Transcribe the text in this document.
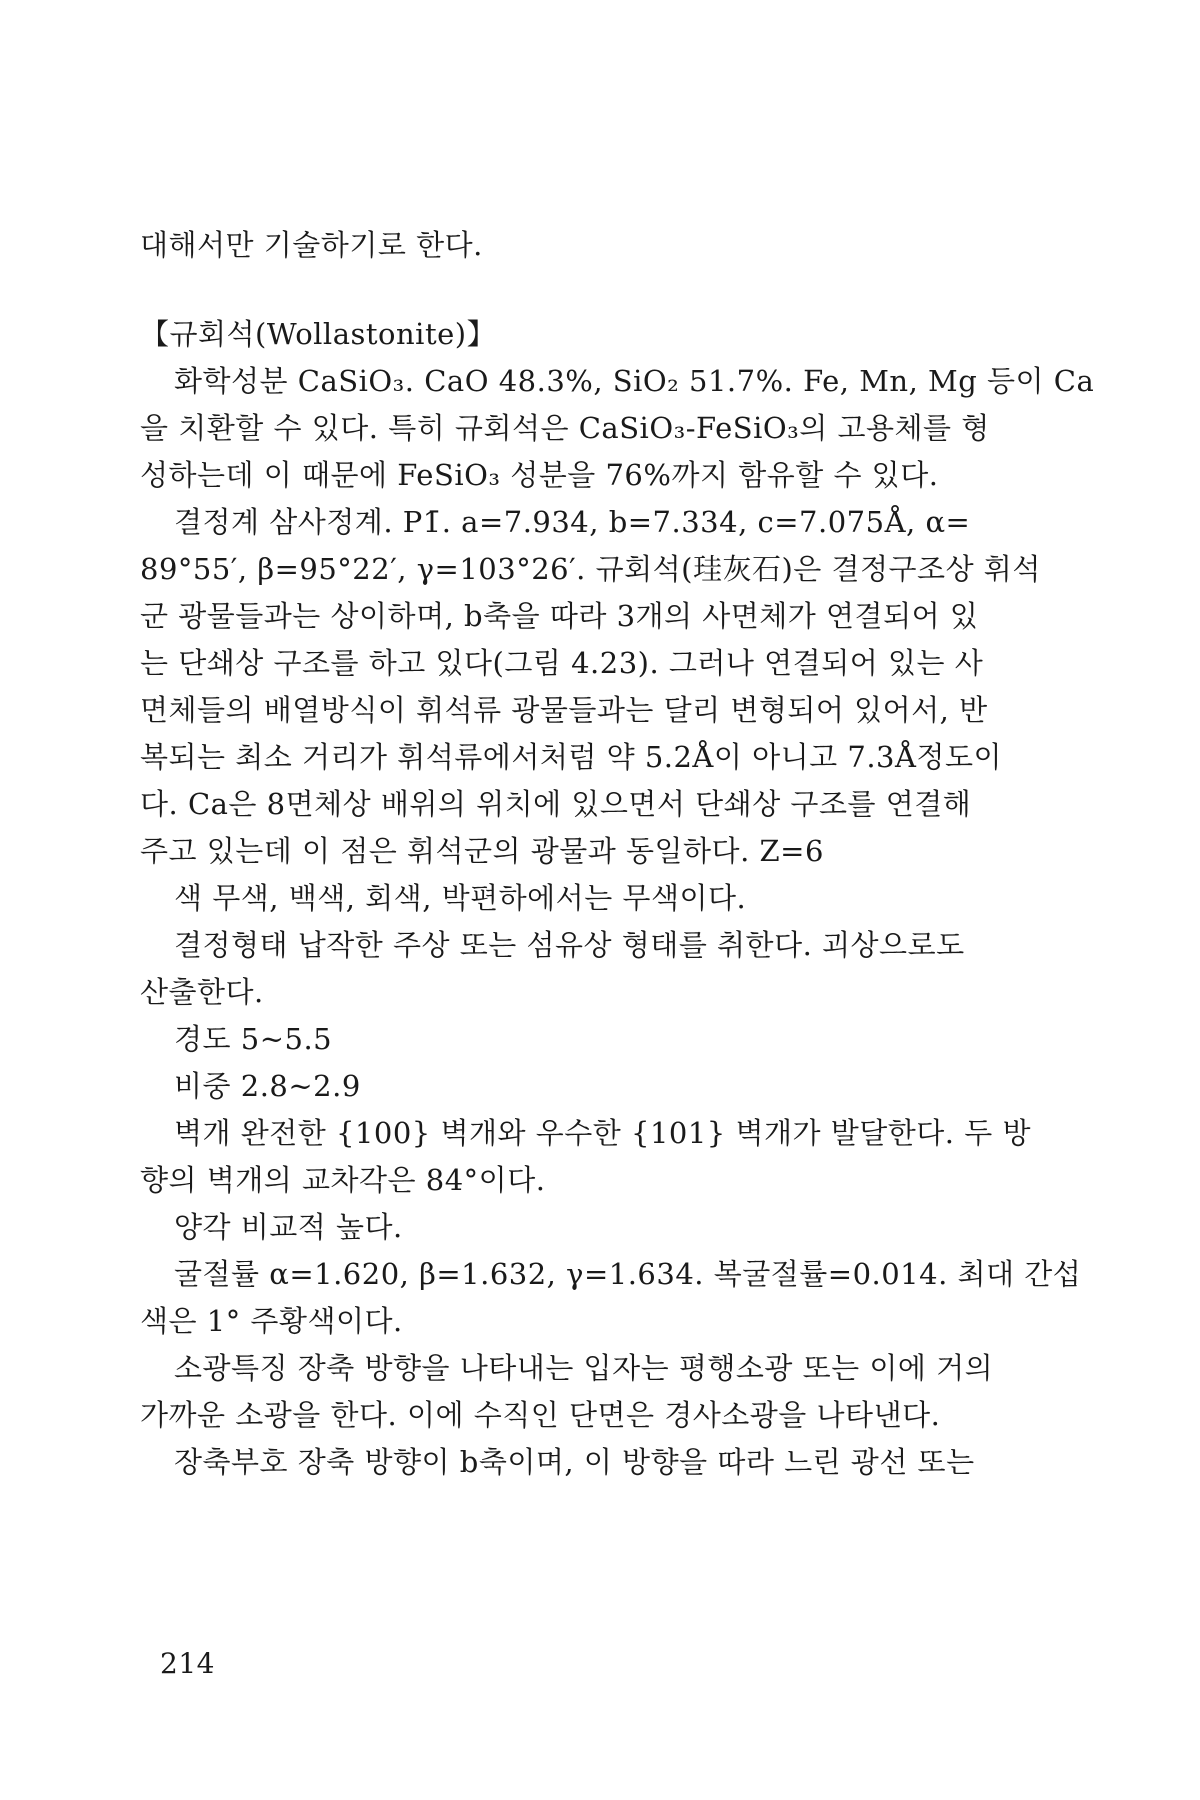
대해서만 기술하기로 한다.
【규회석(Wollastonite)】
화학성분 CaSiO₃. CaO 48.3%, SiO₂ 51.7%. Fe, Mn, Mg 등이 Ca
을 치환할 수 있다. 특히 규회석은 CaSiO₃-FeSiO₃의 고용체를 형
성하는데 이 때문에 FeSiO₃ 성분을 76%까지 함유할 수 있다.
결정계 삼사정계. P1̄. a=7.934, b=7.334, c=7.075Å, α=
89°55′, β=95°22′, γ=103°26′. 규회석(珪灰石)은 결정구조상 휘석
군 광물들과는 상이하며, b축을 따라 3개의 사면체가 연결되어 있
는 단쇄상 구조를 하고 있다(그림 4.23). 그러나 연결되어 있는 사
면체들의 배열방식이 휘석류 광물들과는 달리 변형되어 있어서, 반
복되는 최소 거리가 휘석류에서처럼 약 5.2Å이 아니고 7.3Å정도이
다. Ca은 8면체상 배위의 위치에 있으면서 단쇄상 구조를 연결해
주고 있는데 이 점은 휘석군의 광물과 동일하다. Z=6
색 무색, 백색, 회색, 박편하에서는 무색이다.
결정형태 납작한 주상 또는 섬유상 형태를 취한다. 괴상으로도
산출한다.
경도 5~5.5
비중 2.8~2.9
벽개 완전한 {100} 벽개와 우수한 {101} 벽개가 발달한다. 두 방
향의 벽개의 교차각은 84°이다.
양각 비교적 높다.
굴절률 α=1.620, β=1.632, γ=1.634. 복굴절률=0.014. 최대 간섭
색은 1° 주황색이다.
소광특징 장축 방향을 나타내는 입자는 평행소광 또는 이에 거의
가까운 소광을 한다. 이에 수직인 단면은 경사소광을 나타낸다.
장축부호 장축 방향이 b축이며, 이 방향을 따라 느린 광선 또는
214
